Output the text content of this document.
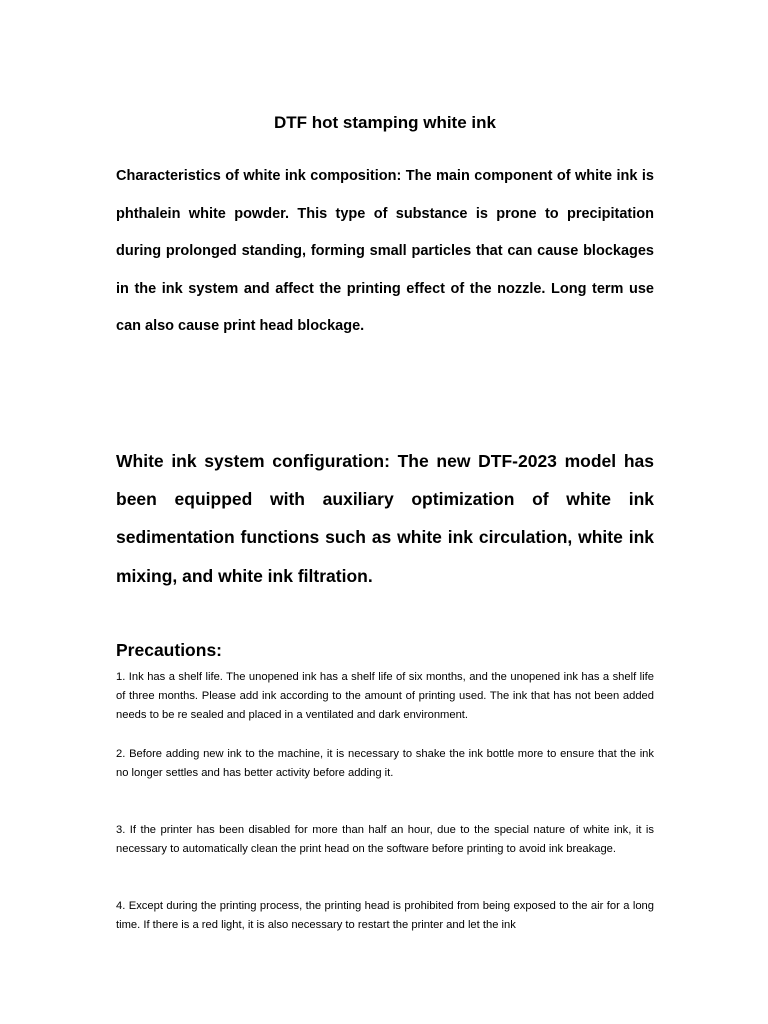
DTF hot stamping white ink

Characteristics of white ink composition: The main component of white ink is phthalein white powder. This type of substance is prone to precipitation during prolonged standing, forming small particles that can cause blockages in the ink system and affect the printing effect of the nozzle. Long term use can also cause print head blockage.

White ink system configuration: The new DTF-2023 model has been equipped with auxiliary optimization of white ink sedimentation functions such as white ink circulation, white ink mixing, and white ink filtration.

Precautions:

1. Ink has a shelf life. The unopened ink has a shelf life of six months, and the unopened ink has a shelf life of three months. Please add ink according to the amount of printing used. The ink that has not been added needs to be re sealed and placed in a ventilated and dark environment.

2. Before adding new ink to the machine, it is necessary to shake the ink bottle more to ensure that the ink no longer settles and has better activity before adding it.

3. If the printer has been disabled for more than half an hour, due to the special nature of white ink, it is necessary to automatically clean the print head on the software before printing to avoid ink breakage.

4. Except during the printing process, the printing head is prohibited from being exposed to the air for a long time. If there is a red light, it is also necessary to restart the printer and let the ink
